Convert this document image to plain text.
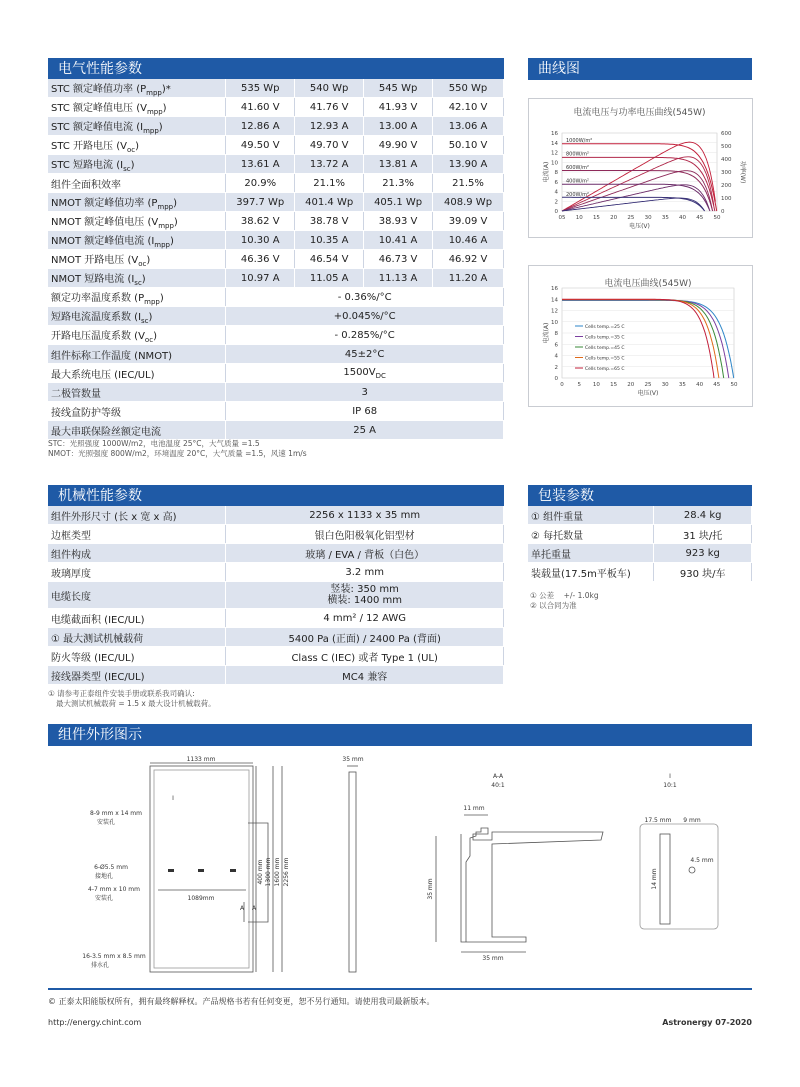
电气性能参数
STC 额定峰值功率 $(P_{mpp})*$	535 Wp	540 Wp	545 Wp	550 Wp
STC 额定峰值电压 $(V_{mpp})$	41.60 V	41.76 V	41.93 V	42.10 V
STC 额定峰值电流 $(I_{mpp})$	12.86 A	12.93 A	13.00 A	13.06 A
STC 开路电压 $(V_{oc})$	49.50 V	49.70 V	49.90 V	50.10 V
STC 短路电流 $(I_{sc})$	13.61 A	13.72 A	13.81 A	13.90 A
组件全面积效率	20.9%	21.1%	21.3%	21.5%
NMOT 额定峰值功率 $(P_{mpp})$	397.7 Wp	401.4 Wp	405.1 Wp	408.9 Wp
NMOT 额定峰值电压 $(V_{mpp})$	38.62 V	38.78 V	38.93 V	39.09 V
NMOT 额定峰值电流 $(I_{mpp})$	10.30 A	10.35 A	10.41 A	10.46 A
NMOT 开路电压 $(V_{oc})$	46.36 V	46.54 V	46.73 V	46.92 V
NMOT 短路电流 $(I_{sc})$	10.97 A	11.05 A	11.13 A	11.20 A
额定功率温度系数 $(P_{mpp})$	- 0.36%/°C			
短路电流温度系数 $(I_{sc})$	+0.045%/°C			
开路电压温度系数 $(V_{oc})$	- 0.285%/°C			
组件标称工作温度 (NMOT)	45±2°C			
最大系统电压 (IEC/UL)	$1500V_{DC}$
二极管数量	3			
接线盒防护等级	IP 68			
最大串联保险丝额定电流	25 A			
STC：光照强度 1000W/m2，电池温度 25°C，大气质量 =1.5
NMOT：光照强度 800W/m2，环境温度 20°C，大气质量 =1.5，风速 1m/s
曲线图
电流电压与功率电压曲线(545W)
0
2
4
6
8
10
12
14
16
05 10 15 20 25 30 35 40 45 50
0
100
200
300
400
500
600
功率(W)
电压(V)
电流(A)
1000W/m²
800W/m²
600W/m²
400W/m²
200W/m²
电流电压曲线(545W)
0
2
4
6
8
10
12
14
16
0 5 10 15 20 25 30 35 40 45 50
电压(V)
电流(A)	Cells temp.=25 C
Cells temp.=35 C
Cells temp.=45 C
Cells temp.=55 C
Cells temp.=65 C
机械性能参数
组件外形尺寸 (长 x 宽 x 高)	2256 x 1133 x 35 mm
边框类型	银白色阳极氧化铝型材
组件构成	玻璃 / EVA / 背板（白色）
玻璃厚度	3.2 mm
电缆长度	竖装: 350 mm
横装: 1400 mm

电缆截面积 (IEC/UL)	4 mm² / 12 AWG
① 最大测试机械载荷	5400 Pa (正面) / 2400 Pa (背面)
防火等级 (IEC/UL)	Class C (IEC) 或者 Type 1 (UL)
接线器类型 (IEC/UL)	MC4 兼容
① 请参考正泰组件安装手册或联系我司确认:
最大测试机械载荷 = 1.5 x 最大设计机械载荷。
包装参数
① 组件重量	28.4 kg
② 每托数量	31 块/托
单托重量	923 kg
装载量(17.5m平板车)	930 块/车
① 公差 +/- 1.0kg
② 以合同为准
组件外形图示
1133 mm	35 mm
8-9 mm x 14 mm
安装孔
6-Ø5.5 mm
接地孔
4-7 mm x 10 mm
安装孔	1089mm
16-3.5 mm x 8.5 mm
排水孔
A A
I
A-A
40:1
11 mm
35 mm
I
10:1
17.5 mm 9 mm
4.5 mm
400 mm 1300 mm 1600 mm 2256 mm
35 mm	14 mm
© 正泰太阳能版权所有，拥有最终解释权。产品规格书若有任何变更，恕不另行通知。请使用我司最新版本。
http://energy.chint.com	Astronergy 07-2020
